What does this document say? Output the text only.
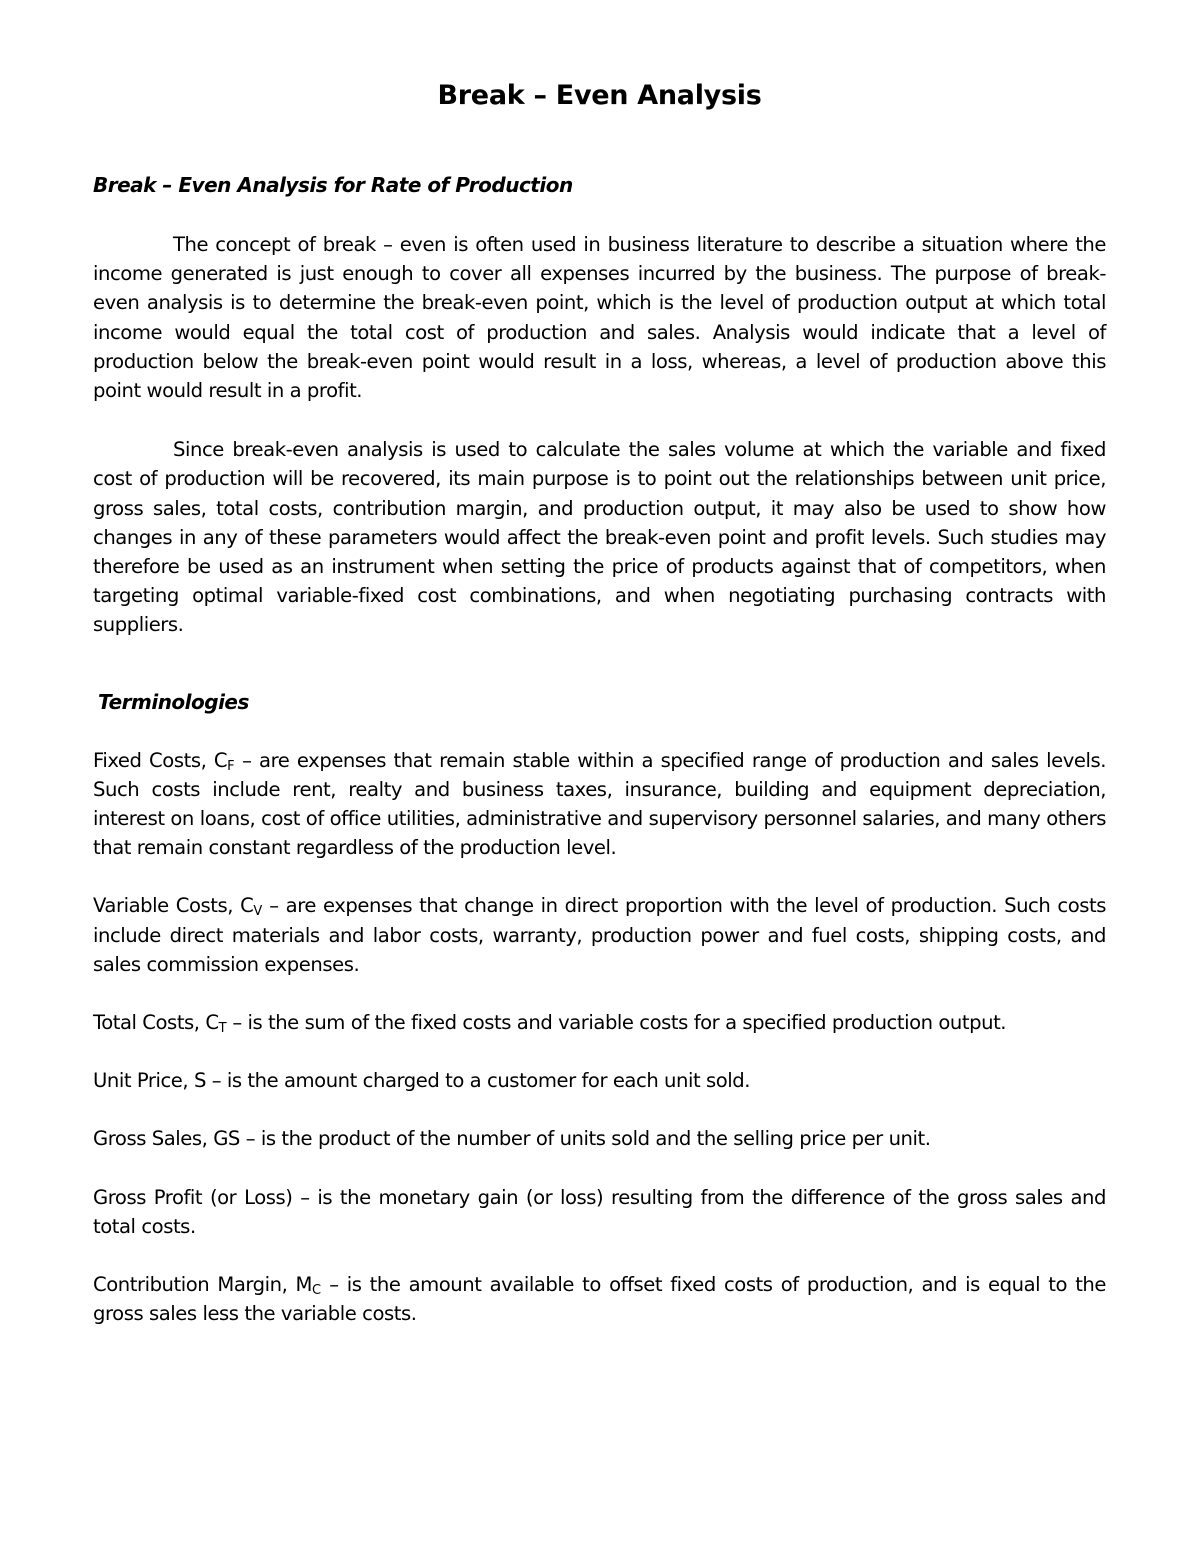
Break – Even Analysis
Break – Even Analysis for Rate of Production

The concept of break – even is often used in business literature to describe a situation where the income generated is just enough to cover all expenses incurred by the business. The purpose of break-even analysis is to determine the break-even point, which is the level of production output at which total income would equal the total cost of production and sales. Analysis would indicate that a level of production below the break-even point would result in a loss, whereas, a level of production above this point would result in a profit.

Since break-even analysis is used to calculate the sales volume at which the variable and fixed cost of production will be recovered, its main purpose is to point out the relationships between unit price, gross sales, total costs, contribution margin, and production output, it may also be used to show how changes in any of these parameters would affect the break-even point and profit levels. Such studies may therefore be used as an instrument when setting the price of products against that of competitors, when targeting optimal variable-fixed cost combinations, and when negotiating purchasing contracts with suppliers.

Terminologies

Fixed Costs, $C_F$ – are expenses that remain stable within a specified range of production and sales levels. Such costs include rent, realty and business taxes, insurance, building and equipment depreciation, interest on loans, cost of office utilities, administrative and supervisory personnel salaries, and many others that remain constant regardless of the production level.

Variable Costs, $C_V$ – are expenses that change in direct proportion with the level of production. Such costs include direct materials and labor costs, warranty, production power and fuel costs, shipping costs, and sales commission expenses.

Total Costs, $C_T$ – is the sum of the fixed costs and variable costs for a specified production output.

Unit Price, S – is the amount charged to a customer for each unit sold.

Gross Sales, GS – is the product of the number of units sold and the selling price per unit.

Gross Profit (or Loss) – is the monetary gain (or loss) resulting from the difference of the gross sales and total costs.

Contribution Margin, $M_C$ – is the amount available to offset fixed costs of production, and is equal to the gross sales less the variable costs.
